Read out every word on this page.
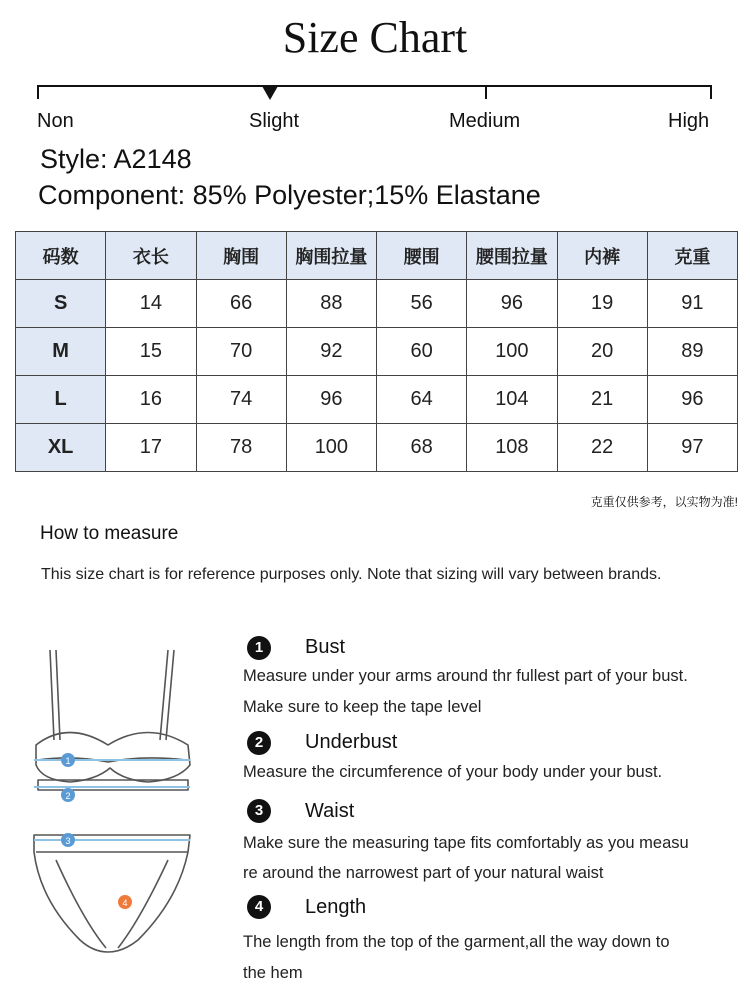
Size Chart
Non	Slight	Medium	High
Style: A2148
Component: 85% Polyester;15% Elastane
码数	衣长	胸围	胸围拉量	腰围	腰围拉量	内裤	克重
S	14	66	88	56	96	19	91
M	15	70	92	60	100	20	89
L	16	74	96	64	104	21	96
XL	17	78	100	68	108	22	97
克重仅供参考，以实物为准!
How to measure
This size chart is for reference purposes only. Note that sizing will vary between brands.
1
2
3
4
1	Bust
Measure under your arms around thr fullest part of your bust.
Make sure to keep the tape level
2	Underbust
Measure the circumference of your body under your bust.
3	Waist
Make sure the measuring tape fits comfortably as you measu
re around the narrowest part of your natural waist
4	Length
The length from the top of the garment,all the way down to
the hem
